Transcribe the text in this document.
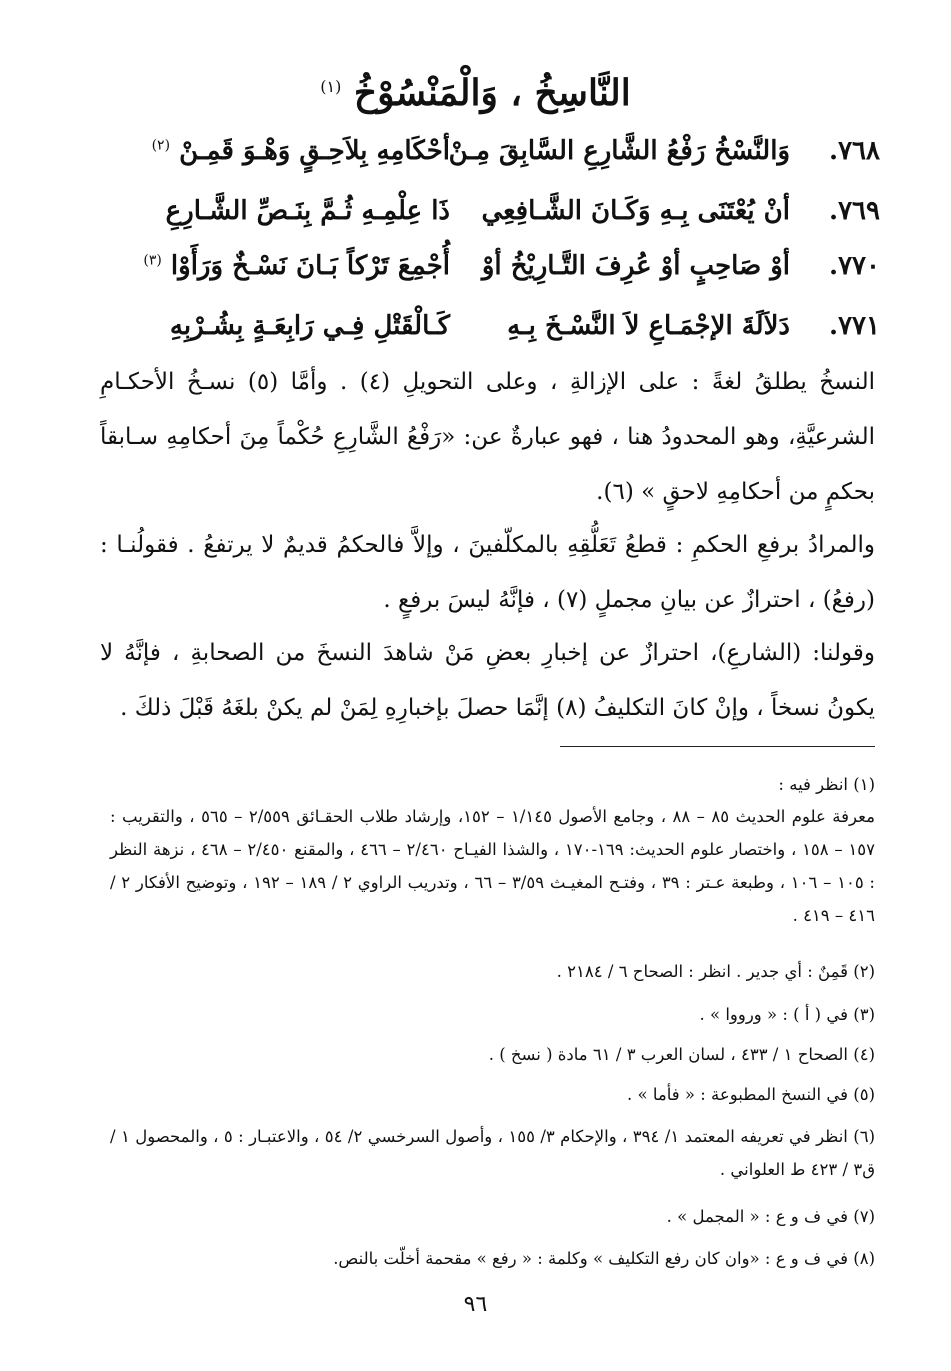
النَّاسِخُ ، وَالْمَنْسُوْخُ $^{(١)}$
٧٦٨.
وَالنَّسْخُ رَفْعُ الشَّارِعِ السَّابِقَ مِـنْ
أحْكَامِهِ بِلاَحِـقٍ وَهْـوَ قَمِـنْ $^{(٢)}$
٧٦٩.
أنْ يُعْتَنَى بِـهِ وَكَـانَ الشَّـافِعِي
ذَا عِلْمِـهِ ثُـمَّ بِنَـصِّ الشَّـارِعِ
٧٧٠.
أوْ صَاحِبٍ أوْ عُرِفَ التَّـارِيْخُ أوْ
أُجْمِعَ تَرْكاً بَـانَ نَسْـخٌ وَرَأَوْا $^{(٣)}$
٧٧١.
دَلاَلَةَ الإجْمَـاعِ لاَ النَّسْـخَ بِـهِ
كَـالْقَتْلِ فِـي رَابِعَـةٍ بِشُـرْبِهِ
النسخُ يطلقُ لغةً : على الإزالةِ ، وعلى التحويلِ (٤) . وأمَّا (٥) نسـخُ الأحكـامِ الشرعيَّةِ، وهو المحدودُ هنا ، فهو عبارةٌ عن: «رَفْعُ الشَّارِعِ حُكْماً مِنَ أحكامِهِ سـابقاً بحكمٍ من أحكامِهِ لاحقٍ » (٦).
والمرادُ برفعِ الحكمِ : قطعُ تَعَلُّقِهِ بالمكلّفينَ ، وإلاَّ فالحكمُ قديمٌ لا يرتفعُ . فقولُنـا : (رفعُ) ، احترازٌ عن بيانِ مجملٍ (٧) ، فإنَّهُ ليسَ برفعٍ .
وقولنا: (الشارعِ)، احترازٌ عن إخبارِ بعضِ مَنْ شاهدَ النسخَ من الصحابةِ ، فإنَّهُ لا يكونُ نسخاً ، وإنْ كانَ التكليفُ (٨) إنَّمَا حصلَ بإخبارِهِ لِمَنْ لم يكنْ بلغَهُ قَبْلَ ذلكَ .
(١) انظر فيه :
معرفة علوم الحديث ٨٥ – ٨٨ ، وجامع الأصول ١/١٤٥ – ١٥٢، وإرشاد طلاب الحقـائق ٢/٥٥٩ – ٥٦٥ ، والتقريب : ١٥٧ – ١٥٨ ، واختصار علوم الحديث: ١٦٩-١٧٠ ، والشذا الفيـاح ٢/٤٦٠ – ٤٦٦ ، والمقنع ٢/٤٥٠ – ٤٦٨ ، نزهة النظر : ١٠٥ – ١٠٦ ، وطبعة عـتر : ٣٩ ، وفتـح المغيـث ٣/٥٩ – ٦٦ ، وتدريب الراوي ٢ / ١٨٩ – ١٩٢ ، وتوضيح الأفكار ٢ / ٤١٦ – ٤١٩ .
(٢) قَمِنٌ : أي جدير . انظر : الصحاح ٦ / ٢١٨٤ .
(٣) في ( أ ) : « ورووا » .
(٤) الصحاح ١ / ٤٣٣ ، لسان العرب ٣ / ٦١ مادة ( نسخ ) .
(٥) في النسخ المطبوعة : « فأما » .
(٦) انظر في تعريفه المعتمد ١/ ٣٩٤ ، والإحكام ٣/ ١٥٥ ، وأصول السرخسي ٢/ ٥٤ ، والاعتبـار : ٥ ، والمحصول ١ / ق٣ / ٤٢٣ ط العلواني .
(٧) في ف و ع : « المجمل » .
(٨) في ف و ع : «وان كان رفع التكليف » وكلمة : « رفع » مقحمة أخلّت بالنص.
٩٦
